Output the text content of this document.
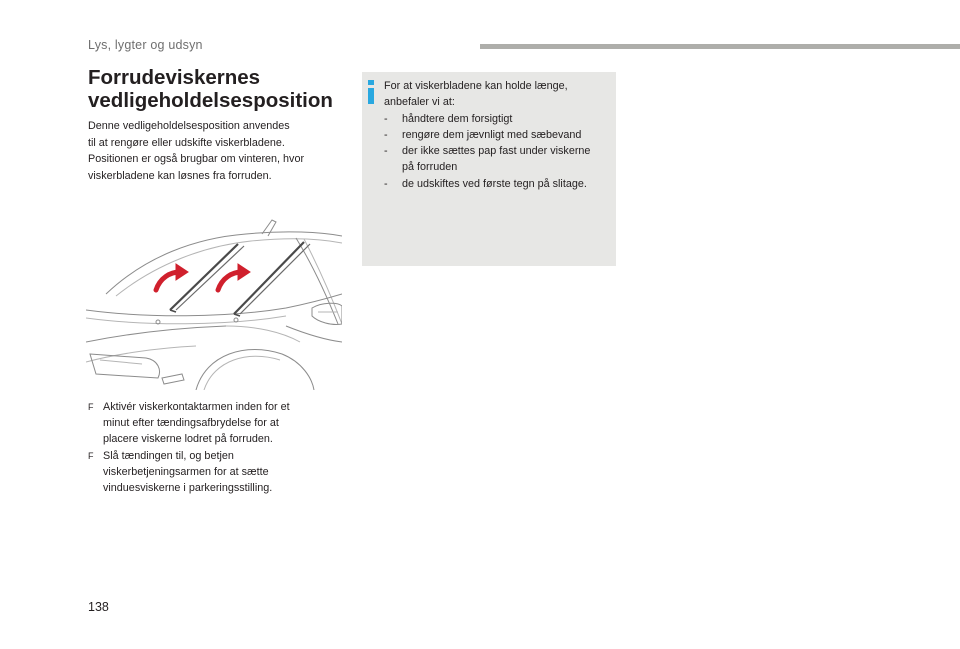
Lys, lygter og udsyn
Forrudeviskernes
vedligeholdelsesposition
Denne vedligeholdelsesposition anvendes
til at rengøre eller udskifte viskerbladene.
Positionen er også brugbar om vinteren, hvor
viskerbladene kan løsnes fra forruden.
F Aktivér viskerkontaktarmen inden for et
minut efter tændingsafbrydelse for at
placere viskerne lodret på forruden.
F Slå tændingen til, og betjen
viskerbetjeningsarmen for at sætte
vinduesviskerne i parkeringsstilling.
For at viskerbladene kan holde længe,
anbefaler vi at:
- håndtere dem forsigtigt
- rengøre dem jævnligt med sæbevand
- der ikke sættes pap fast under viskerne
på forruden
- de udskiftes ved første tegn på slitage.
138
